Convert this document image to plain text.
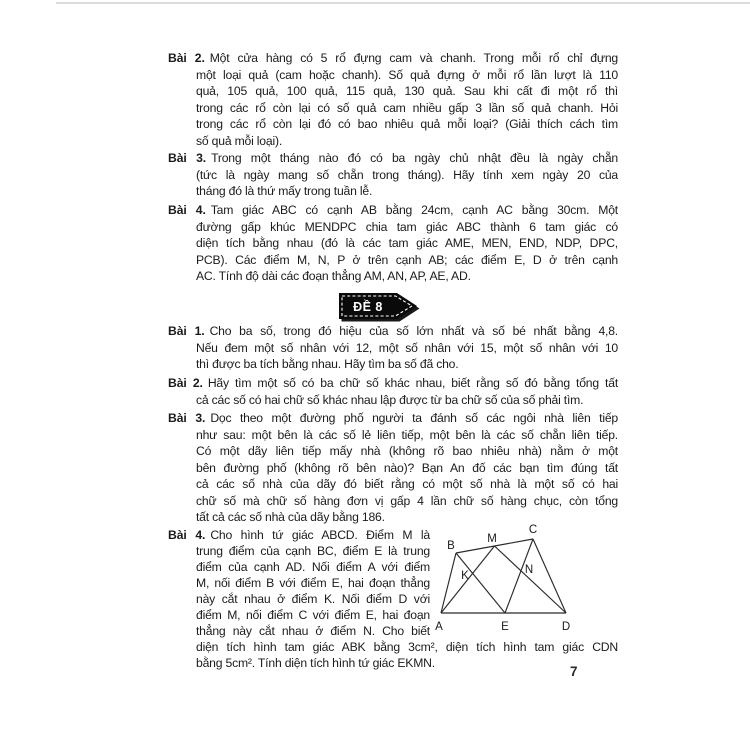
Bài 2. Một cửa hàng có 5 rổ đựng cam và chanh. Trong mỗi rổ chỉ đựng
một loại quả (cam hoặc chanh). Số quả đựng ở mỗi rổ lần lượt là 110
quả, 105 quả, 100 quả, 115 quả, 130 quả. Sau khi cất đi một rổ thì
trong các rổ còn lại có số quả cam nhiều gấp 3 lần số quả chanh. Hỏi
trong các rổ còn lại đó có bao nhiêu quả mỗi loại? (Giải thích cách tìm
số quả mỗi loại).
Bài 3. Trong một tháng nào đó có ba ngày chủ nhật đều là ngày chẵn
(tức là ngày mang số chẵn trong tháng). Hãy tính xem ngày 20 của
tháng đó là thứ mấy trong tuần lễ.
Bài 4. Tam giác ABC có cạnh AB bằng 24cm, cạnh AC bằng 30cm. Một
đường gấp khúc MENDPC chia tam giác ABC thành 6 tam giác có
diện tích bằng nhau (đó là các tam giác AME, MEN, END, NDP, DPC,
PCB). Các điểm M, N, P ở trên cạnh AB; các điểm E, D ở trên cạnh
AC. Tính độ dài các đoạn thẳng AM, AN, AP, AE, AD.
ĐỀ 8
Bài 1. Cho ba số, trong đó hiệu của số lớn nhất và số bé nhất bằng 4,8.
Nếu đem một số nhân với 12, một số nhân với 15, một số nhân với 10
thì được ba tích bằng nhau. Hãy tìm ba số đã cho.
Bài 2. Hãy tìm một số có ba chữ số khác nhau, biết rằng số đó bằng tổng tất
cả các số có hai chữ số khác nhau lập được từ ba chữ số của số phải tìm.
Bài 3. Dọc theo một đường phố người ta đánh số các ngôi nhà liên tiếp
như sau: một bên là các số lẻ liên tiếp, một bên là các số chẵn liên tiếp.
Có một dãy liên tiếp mấy nhà (không rõ bao nhiêu nhà) nằm ở một
bên đường phố (không rõ bên nào)? Bạn An đố các bạn tìm đúng tất
cả các số nhà của dãy đó biết rằng có một số nhà là một số có hai
chữ số mà chữ số hàng đơn vị gấp 4 lần chữ số hàng chục, còn tổng
tất cả các số nhà của dãy bằng 186.
Bài 4. Cho hình tứ giác ABCD. Điểm M là
trung điểm của cạnh BC, điểm E là trung
điểm của cạnh AD. Nối điểm A với điểm
M, nối điểm B với điểm E, hai đoạn thẳng
này cắt nhau ở điểm K. Nối điểm D với
điểm M, nối điểm C với điểm E, hai đoạn
thẳng này cắt nhau ở điểm N. Cho biết
diện tích hình tam giác ABK bằng 3cm², diện tích hình tam giác CDN
bằng 5cm². Tính diện tích hình tứ giác EKMN.
A
B
C
D
E
M
N
K
7
